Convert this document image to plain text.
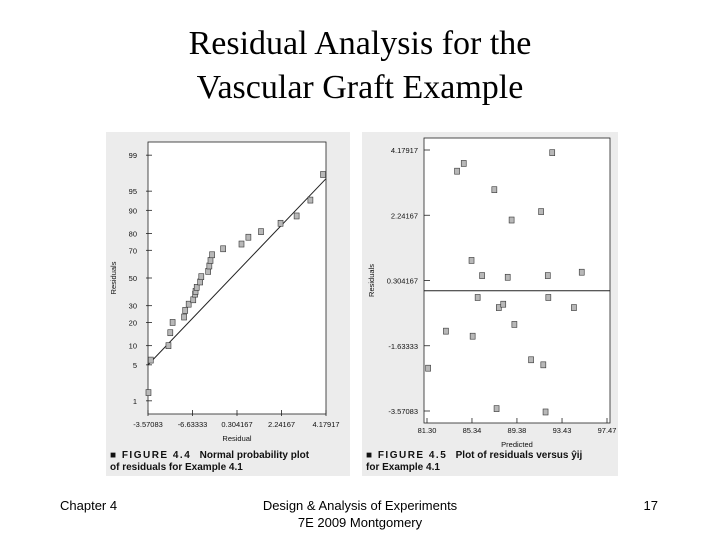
Residual Analysis for the
Vascular Graft Example
1
5
10
20
30
50
70
80
90
95
99
-3.57083 -6.63333 0.304167 2.24167 4.17917
Residual
Residuals
-3.57083
-1.63333
0.304167
2.24167
4.17917
81.30	85.34	89.38	93.43	97.47
Predicted
Residuals
■ FIGURE 4.4 Normal probability plot
of residuals for Example 4.1
■ FIGURE 4.5 Plot of residuals versus ŷij
for Example 4.1
Chapter 4	Design & Analysis of Experiments
7E 2009 Montgomery
17
